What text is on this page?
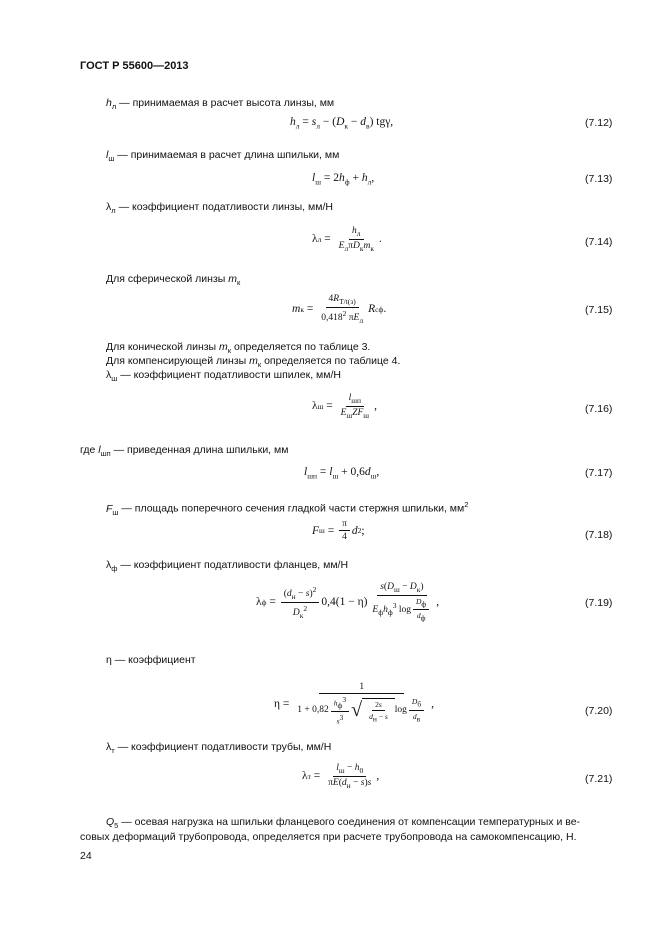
ГОСТ Р 55600—2013
$h_л$ — принимаемая в расчет высота линзы, мм
$h_л = s_л - (D_к - d_в)$ tgγ,	(7.12)
$l_ш$ — принимаемая в расчет длина шпильки, мм
$l_ш = 2h_ф + h_л$,	(7.13)
$\lambda_л$ — коэффициент податливости линзы, мм/Н
λ $л = \frac{h_л}{E_л\pi D_кm_к}$ .	(7.14)
Для сферической линзы $m_к$
m $к = \frac{4R_{T/t(з)}}{0,418^2 \pi E_л}$ R сф .	(7.15)
Для конической линзы $m_к$ определяется по таблице 3.
Для компенсирующей линзы $m_к$ определяется по таблице 4.
$\lambda_ш$ — коэффициент податливости шпилек, мм/Н
λ $ш = \frac{l_{шп}}{E_шZF_ш}$ ,	(7.16)
где $l_{шп}$ — приведенная длина шпильки, мм
$l_{шп} = l_ш + 0,6d_ш$,	(7.17)
$F_ш$ — площадь поперечного сечения гладкой части стержня шпильки, $мм^2$
F $ш = \frac{\pi}{4}$ d 2 ;	(7.18)
$\lambda_ф$ — коэффициент податливости фланцев, мм/Н
λ $ф = \frac{(d_н - s)^2}{D_к^2} 0,4(1 - \eta) \frac{s(D_ш - D_к)}{E_фh_ф^3 \log \frac{D_ф}{d_ф}}$ ,	(7.19)
η — коэффициент
$\eta = \frac{1}{1 + 0,82 \frac{h_ф^3}{s^3} √ \frac{2s}{d_н - s} \log \frac{D_б}{d_в}}$ ,
(7.20)
$\lambda_т$ — коэффициент податливости трубы, мм/Н
λ $т = \frac{l_ш - h_0}{\pi E(d_н - s)s}$ ,	(7.21)
$Q_5$ — осевая нагрузка на шпильки фланцевого соединения от компенсации температурных и ве-
совых деформаций трубопровода, определяется при расчете трубопровода на самокомпенсацию, Н.
24
